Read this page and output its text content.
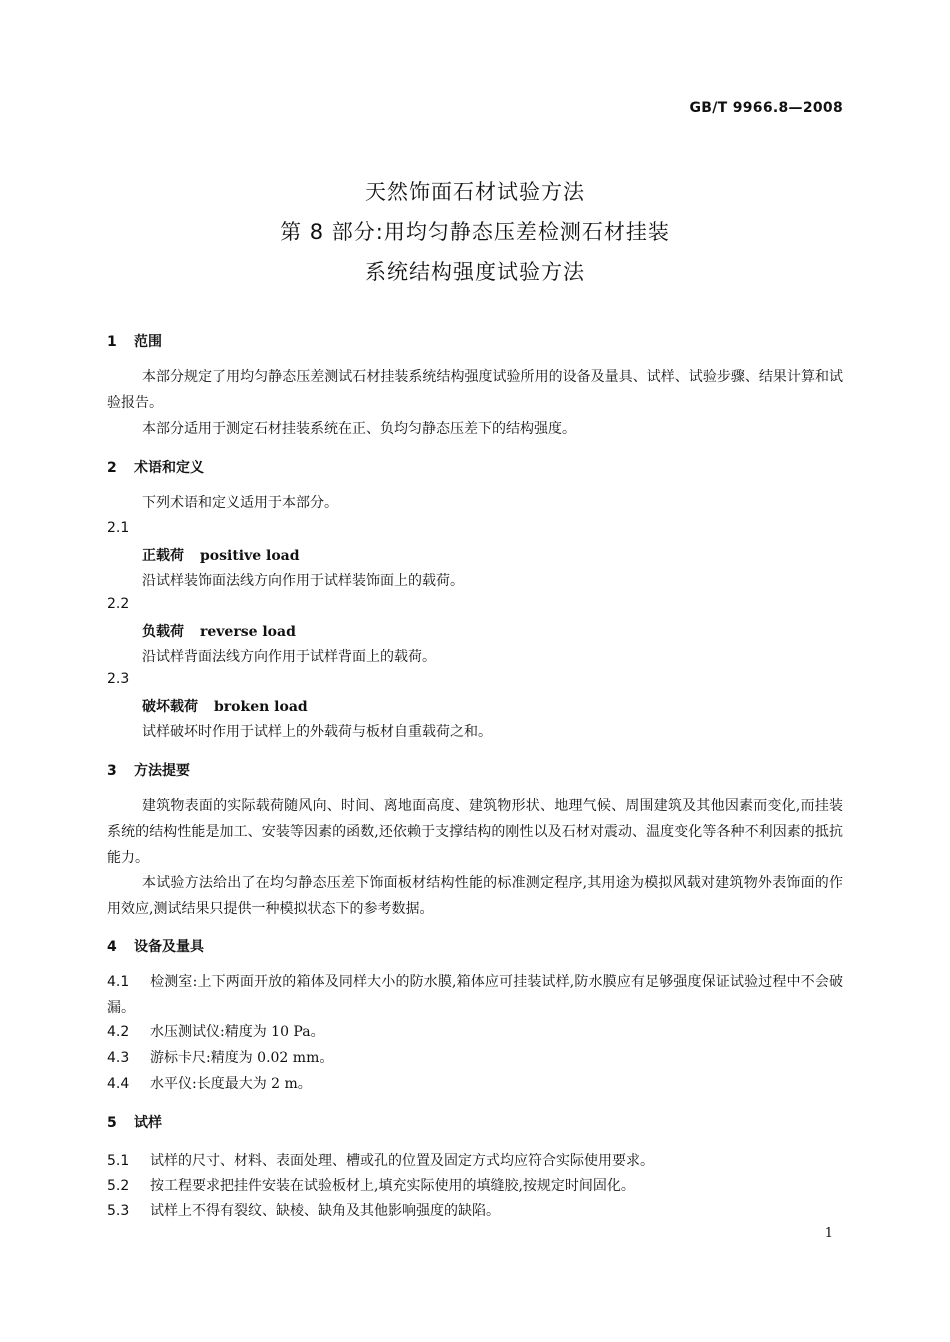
GB/T 9966.8—2008
天然饰面石材试验方法
第 8 部分:用均匀静态压差检测石材挂装
系统结构强度试验方法
1 范围
本部分规定了用均匀静态压差测试石材挂装系统结构强度试验所用的设备及量具、试样、试验步骤、结果计算和试验报告。
本部分适用于测定石材挂装系统在正、负均匀静态压差下的结构强度。
2 术语和定义
下列术语和定义适用于本部分。
2.1
正载荷 positive load
沿试样装饰面法线方向作用于试样装饰面上的载荷。
2.2
负载荷 reverse load
沿试样背面法线方向作用于试样背面上的载荷。
2.3
破坏载荷 broken load
试样破坏时作用于试样上的外载荷与板材自重载荷之和。
3 方法提要
建筑物表面的实际载荷随风向、时间、离地面高度、建筑物形状、地理气候、周围建筑及其他因素而变化,而挂装系统的结构性能是加工、安装等因素的函数,还依赖于支撑结构的刚性以及石材对震动、温度变化等各种不利因素的抵抗能力。
本试验方法给出了在均匀静态压差下饰面板材结构性能的标准测定程序,其用途为模拟风载对建筑物外表饰面的作用效应,测试结果只提供一种模拟状态下的参考数据。
4 设备及量具
4.1 检测室:上下两面开放的箱体及同样大小的防水膜,箱体应可挂装试样,防水膜应有足够强度保证试验过程中不会破漏。
4.2 水压测试仪:精度为 10 Pa。
4.3 游标卡尺:精度为 0.02 mm。
4.4 水平仪:长度最大为 2 m。
5 试样
5.1 试样的尺寸、材料、表面处理、槽或孔的位置及固定方式均应符合实际使用要求。
5.2 按工程要求把挂件安装在试验板材上,填充实际使用的填缝胶,按规定时间固化。
5.3 试样上不得有裂纹、缺棱、缺角及其他影响强度的缺陷。
1
